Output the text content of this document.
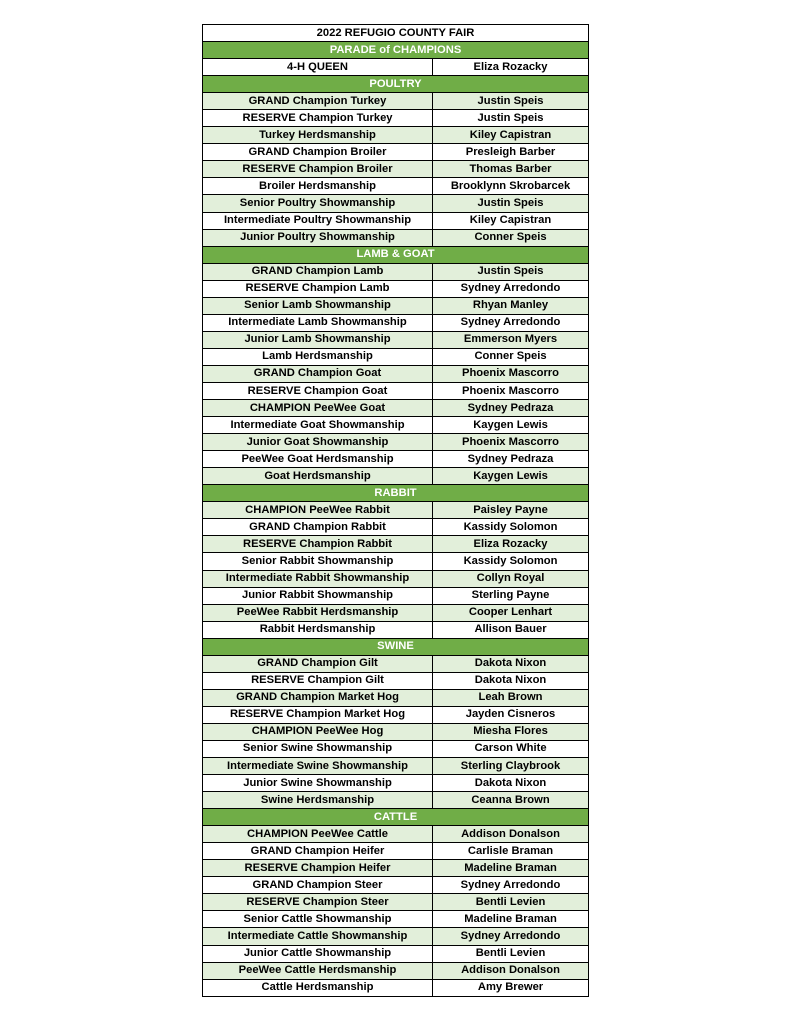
2022 REFUGIO COUNTY FAIR	
PARADE of CHAMPIONS	
4-H QUEEN	Eliza Rozacky
POULTRY	
GRAND Champion Turkey	Justin Speis
RESERVE Champion Turkey	Justin Speis
Turkey Herdsmanship	Kiley Capistran
GRAND Champion Broiler	Presleigh Barber
RESERVE Champion Broiler	Thomas Barber
Broiler Herdsmanship	Brooklynn Skrobarcek
Senior Poultry Showmanship	Justin Speis
Intermediate Poultry Showmanship	Kiley Capistran
Junior Poultry Showmanship	Conner Speis
LAMB & GOAT	
GRAND Champion Lamb	Justin Speis
RESERVE Champion Lamb	Sydney Arredondo
Senior Lamb Showmanship	Rhyan Manley
Intermediate Lamb Showmanship	Sydney Arredondo
Junior Lamb Showmanship	Emmerson Myers
Lamb Herdsmanship	Conner Speis
GRAND Champion Goat	Phoenix Mascorro
RESERVE Champion Goat	Phoenix Mascorro
CHAMPION PeeWee Goat	Sydney Pedraza
Intermediate Goat Showmanship	Kaygen Lewis
Junior Goat Showmanship	Phoenix Mascorro
PeeWee Goat Herdsmanship	Sydney Pedraza
Goat Herdsmanship	Kaygen Lewis
RABBIT	
CHAMPION PeeWee Rabbit	Paisley Payne
GRAND Champion Rabbit	Kassidy Solomon
RESERVE Champion Rabbit	Eliza Rozacky
Senior Rabbit Showmanship	Kassidy Solomon
Intermediate Rabbit Showmanship	Collyn Royal
Junior Rabbit Showmanship	Sterling Payne
PeeWee Rabbit Herdsmanship	Cooper Lenhart
Rabbit Herdsmanship	Allison Bauer
SWINE	
GRAND Champion Gilt	Dakota Nixon
RESERVE Champion Gilt	Dakota Nixon
GRAND Champion Market Hog	Leah Brown
RESERVE Champion Market Hog	Jayden Cisneros
CHAMPION PeeWee Hog	Miesha Flores
Senior Swine Showmanship	Carson White
Intermediate Swine Showmanship	Sterling Claybrook
Junior Swine Showmanship	Dakota Nixon
Swine Herdsmanship	Ceanna Brown
CATTLE	
CHAMPION PeeWee Cattle	Addison Donalson
GRAND Champion Heifer	Carlisle Braman
RESERVE Champion Heifer	Madeline Braman
GRAND Champion Steer	Sydney Arredondo
RESERVE Champion Steer	Bentli Levien
Senior Cattle Showmanship	Madeline Braman
Intermediate Cattle Showmanship	Sydney Arredondo
Junior Cattle Showmanship	Bentli Levien
PeeWee Cattle Herdsmanship	Addison Donalson
Cattle Herdsmanship	Amy Brewer
